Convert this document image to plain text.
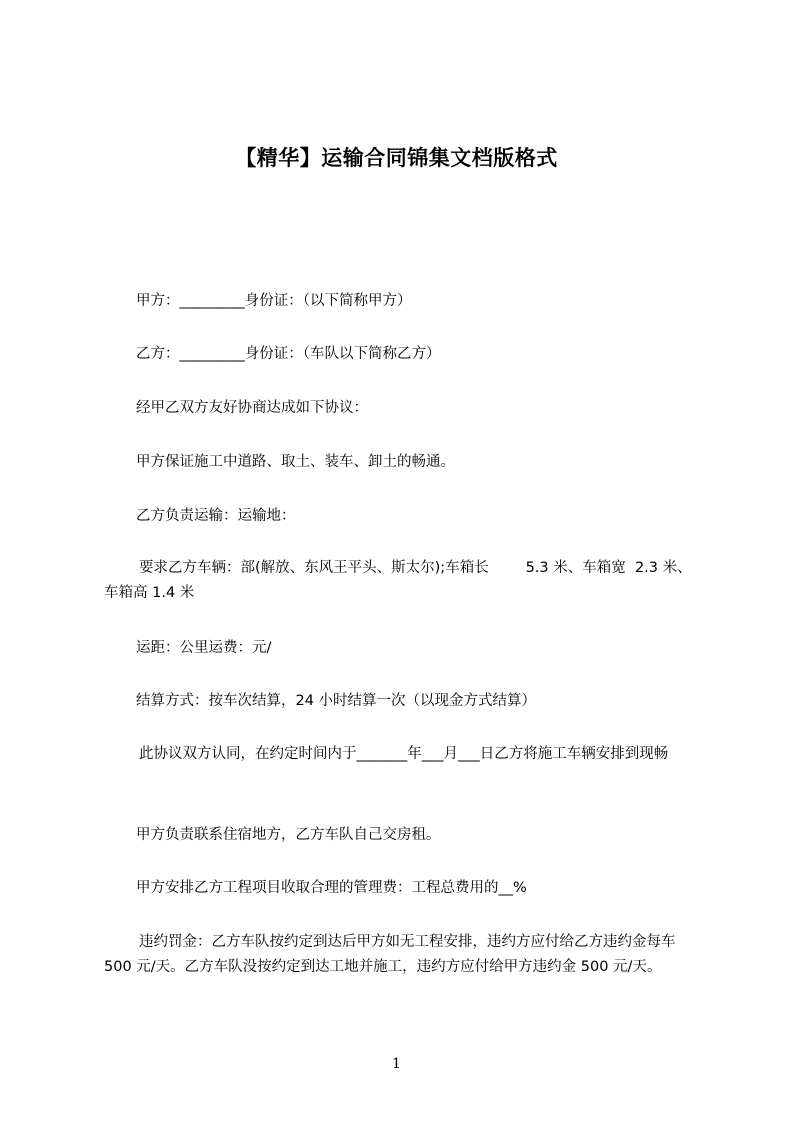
【精华】运输合同锦集文档版格式
甲方：_________身份证：（以下简称甲方）
乙方：_________身份证：（车队以下简称乙方）
经甲乙双方友好协商达成如下协议：
甲方保证施工中道路、取土、装车、卸土的畅通。
乙方负责运输：运输地：
要求乙方车辆：部(解放、东风王平头、斯太尔);车箱长        5.3 米、车箱宽  2.3 米、车箱高 1.4 米
运距：公里运费：元/
结算方式：按车次结算，24 小时结算一次（以现金方式结算）
此协议双方认同，在约定时间内于_______年___月___日乙方将施工车辆安排到现畅
甲方负责联系住宿地方，乙方车队自己交房租。
甲方安排乙方工程项目收取合理的管理费：工程总费用的__%
违约罚金：乙方车队按约定到达后甲方如无工程安排，违约方应付给乙方违约金每车 500 元/天。乙方车队没按约定到达工地并施工，违约方应付给甲方违约金 500 元/天。
1
